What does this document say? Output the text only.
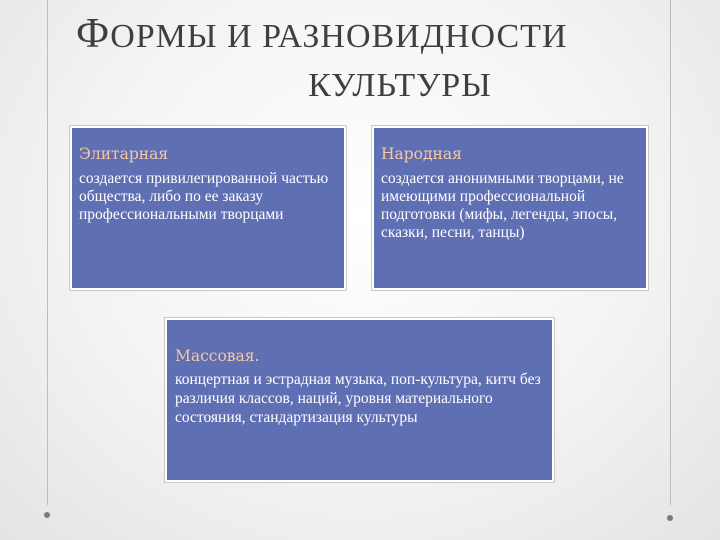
ФОРМЫ И РАЗНОВИДНОСТИ
КУЛЬТУРЫ
Элитарная
создается привилегированной частью общества, либо по ее заказу профессиональными творцами
Народная
создается анонимными творцами, не имеющими профессиональной подготовки (мифы, легенды, эпосы, сказки, песни, танцы)
Массовая.
концертная и эстрадная музыка, поп-культура, китч без различия классов, наций, уровня материального состояния, стандартизация культуры
